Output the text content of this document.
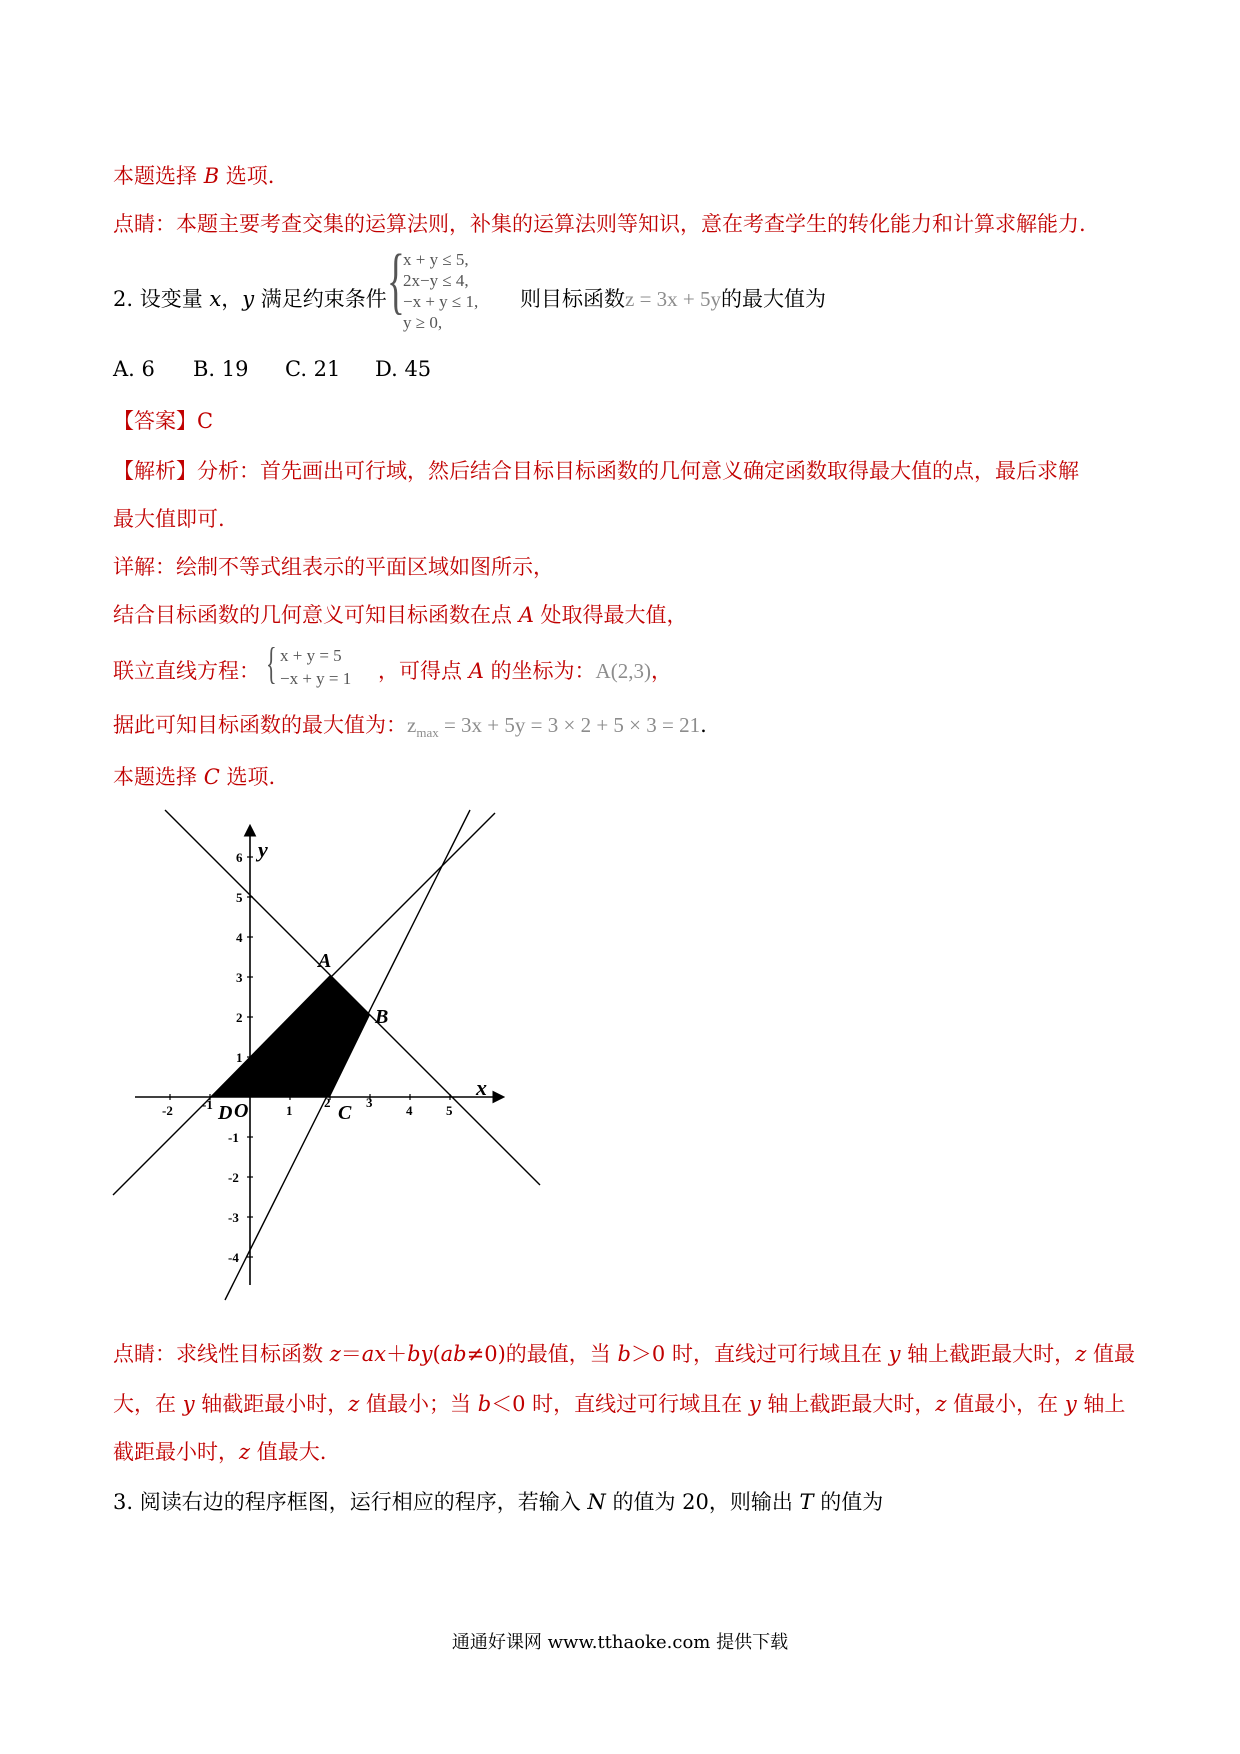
本题选择 B 选项.
点睛：本题主要考查交集的运算法则，补集的运算法则等知识，意在考查学生的转化能力和计算求解能力.
2. 设变量 x，y 满足约束条件 {
x + y ≤ 5,
2x−y ≤ 4,
−x + y ≤ 1,
y ≥ 0,
则目标函数z = 3x + 5y的最大值为
A. 6 B. 19 C. 21 D. 45
【答案】C
【解析】分析：首先画出可行域，然后结合目标目标函数的几何意义确定函数取得最大值的点，最后求解
最大值即可.
详解：绘制不等式组表示的平面区域如图所示，
结合目标函数的几何意义可知目标函数在点 A 处取得最大值，
联立直线方程： { x + y = 5
−x + y = 1 ，可得点 A 的坐标为：A(2,3)，
据此可知目标函数的最大值为：$z_{max} = 3x + 5y = 3 \times 2 + 5 \times 3 = 21$.
本题选择 C 选项.
-2 -1	1
2	3
4	5
6
5
4
3
2
1
-1
-2
-3
-4
x
y
A
B
C
D O
点睛：求线性目标函数 z＝ax＋by(ab≠0)的最值，当 b＞0 时，直线过可行域且在 y 轴上截距最大时，z 值最
大，在 y 轴截距最小时，z 值最小；当 b＜0 时，直线过可行域且在 y 轴上截距最大时，z 值最小，在 y 轴上
截距最小时，z 值最大.
3. 阅读右边的程序框图，运行相应的程序，若输入 N 的值为 20，则输出 T 的值为
通通好课网 www.tthaoke.com 提供下载
